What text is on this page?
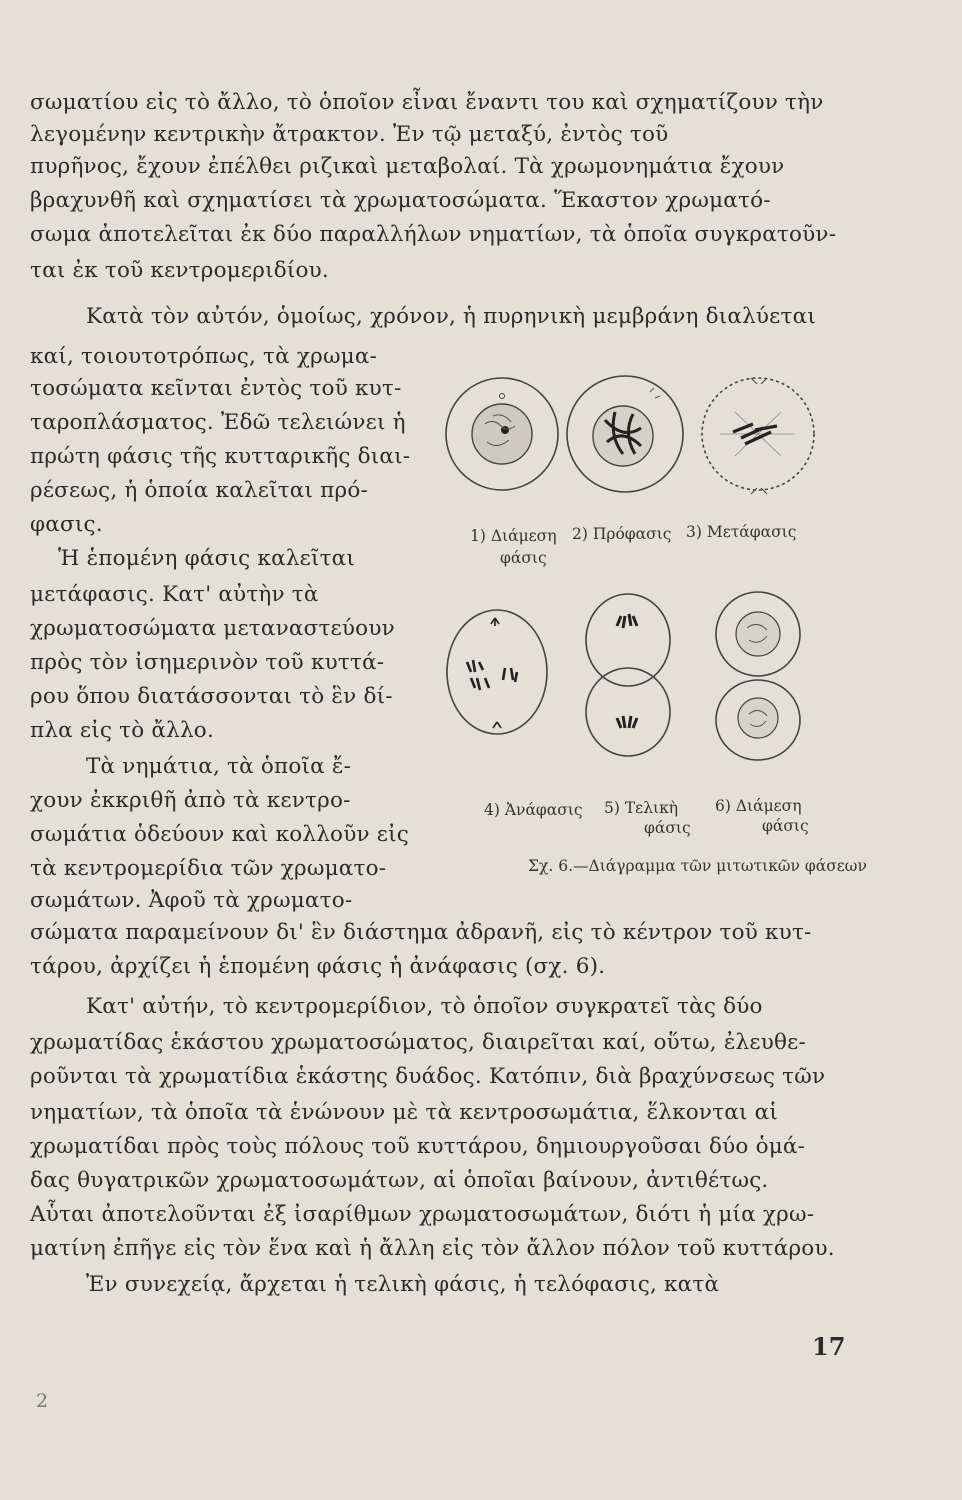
σωματίου εἰς τὸ ἄλλο, τὸ ὁποῖον εἶναι ἔναντι του καὶ σχηματίζουν τὴν
λεγομένην κεντρικὴν ἄτρακτον. Ἐν τῷ μεταξύ, ἐντὸς τοῦ
πυρῆνος, ἔχουν ἐπέλθει ριζικαὶ μεταβολαί. Τὰ χρωμονημάτια ἔχουν
βραχυνθῆ καὶ σχηματίσει τὰ χρωματοσώματα. Ἕκαστον χρωματό-
σωμα ἀποτελεῖται ἐκ δύο παραλλήλων νηματίων, τὰ ὁποῖα συγκρατοῦν-
ται ἐκ τοῦ κεντρομεριδίου.
Κατὰ τὸν αὐτόν, ὁμοίως, χρόνον, ἡ πυρηνικὴ μεμβράνη διαλύεται
καί, τοιουτοτρόπως, τὰ χρωμα-
τοσώματα κεῖνται ἐντὸς τοῦ κυτ-
ταροπλάσματος. Ἐδῶ τελειώνει ἡ
πρώτη φάσις τῆς κυτταρικῆς διαι-
ρέσεως, ἡ ὁποία καλεῖται πρό-
φασις.
Ἡ ἑπομένη φάσις καλεῖται
μετάφασις. Κατ' αὐτὴν τὰ
χρωματοσώματα μεταναστεύουν
πρὸς τὸν ἰσημερινὸν τοῦ κυττά-
ρου ὅπου διατάσσονται τὸ ἓν δί-
πλα εἰς τὸ ἄλλο.
Τὰ νημάτια, τὰ ὁποῖα ἔ-
χουν ἐκκριθῆ ἀπὸ τὰ κεντρο-
σωμάτια ὁδεύουν καὶ κολλοῦν εἰς
τὰ κεντρομερίδια τῶν χρωματο-
σωμάτων. Ἀφοῦ τὰ χρωματο-
1) Διάμεση 2) Πρόφασις 3) Μετάφασις
φάσις
4) Ἀνάφασις 5) Τελικὴ 6) Διάμεση
φάσις	φάσις
Σχ. 6.—Διάγραμμα τῶν μιτωτικῶν φάσεων
σώματα παραμείνουν δι' ἓν διάστημα ἀδρανῆ, εἰς τὸ κέντρον τοῦ κυτ-
τάρου, ἀρχίζει ἡ ἑπομένη φάσις ἡ ἀνάφασις (σχ. 6).
Κατ' αὐτήν, τὸ κεντρομερίδιον, τὸ ὁποῖον συγκρατεῖ τὰς δύο
χρωματίδας ἑκάστου χρωματοσώματος, διαιρεῖται καί, οὕτω, ἐλευθε-
ροῦνται τὰ χρωματίδια ἑκάστης δυάδος. Κατόπιν, διὰ βραχύνσεως τῶν
νηματίων, τὰ ὁποῖα τὰ ἑνώνουν μὲ τὰ κεντροσωμάτια, ἕλκονται αἱ
χρωματίδαι πρὸς τοὺς πόλους τοῦ κυττάρου, δημιουργοῦσαι δύο ὁμά-
δας θυγατρικῶν χρωματοσωμάτων, αἱ ὁποῖαι βαίνουν, ἀντιθέτως.
Αὗται ἀποτελοῦνται ἐξ ἰσαρίθμων χρωματοσωμάτων, διότι ἡ μία χρω-
ματίνη ἐπῆγε εἰς τὸν ἕνα καὶ ἡ ἄλλη εἰς τὸν ἄλλον πόλον τοῦ κυττάρου.
Ἐν συνεχείᾳ, ἄρχεται ἡ τελικὴ φάσις, ἡ τελόφασις, κατὰ
17
2
